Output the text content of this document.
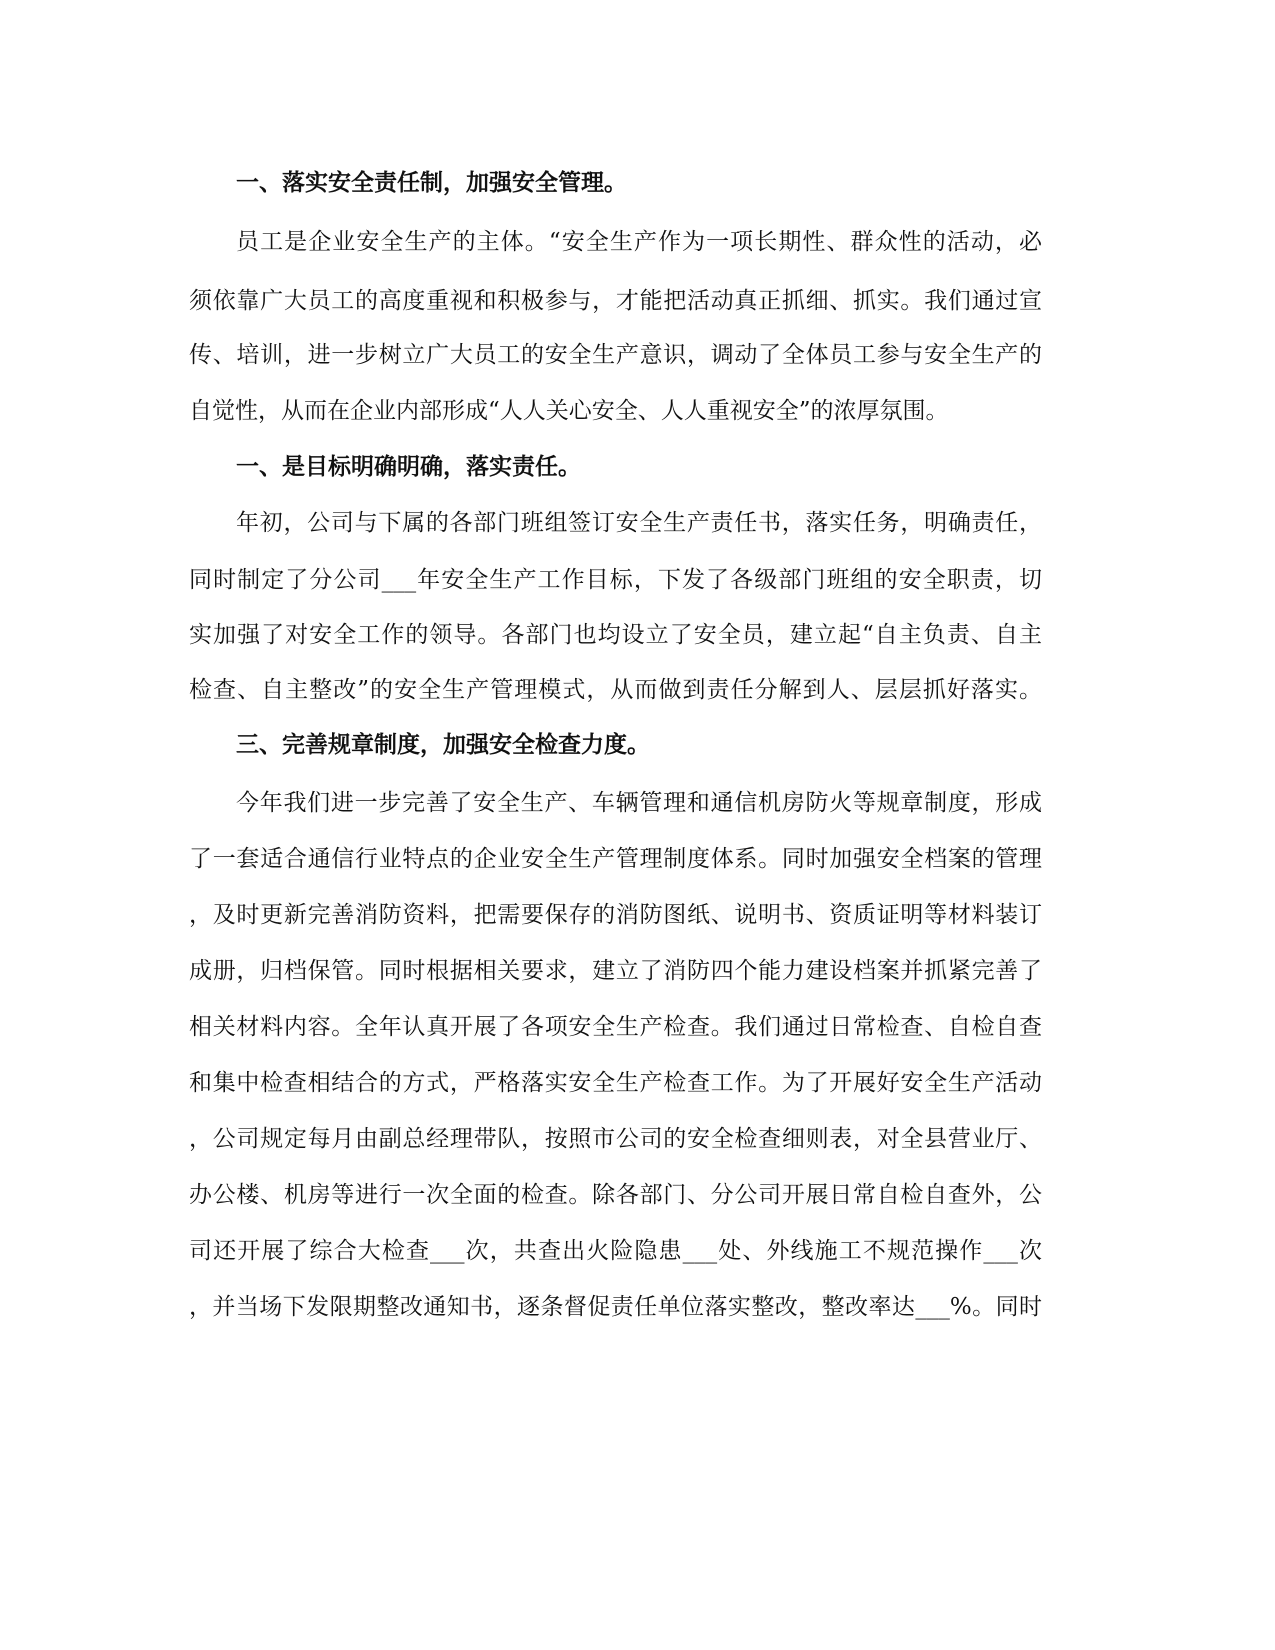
一、落实安全责任制，加强安全管理。
员工是企业安全生产的主体。“安全生产作为一项长期性、群众性的活动，必
须依靠广大员工的高度重视和积极参与，才能把活动真正抓细、抓实。我们通过宣
传、培训，进一步树立广大员工的安全生产意识，调动了全体员工参与安全生产的
自觉性，从而在企业内部形成“人人关心安全、人人重视安全”的浓厚氛围。
一、是目标明确明确，落实责任。
年初，公司与下属的各部门班组签订安全生产责任书，落实任务，明确责任，
同时制定了分公司___年安全生产工作目标，下发了各级部门班组的安全职责，切
实加强了对安全工作的领导。各部门也均设立了安全员，建立起“自主负责、自主
检查、自主整改”的安全生产管理模式，从而做到责任分解到人、层层抓好落实。
三、完善规章制度，加强安全检查力度。
今年我们进一步完善了安全生产、车辆管理和通信机房防火等规章制度，形成
了一套适合通信行业特点的企业安全生产管理制度体系。同时加强安全档案的管理
，及时更新完善消防资料，把需要保存的消防图纸、说明书、资质证明等材料装订
成册，归档保管。同时根据相关要求，建立了消防四个能力建设档案并抓紧完善了
相关材料内容。全年认真开展了各项安全生产检查。我们通过日常检查、自检自查
和集中检查相结合的方式，严格落实安全生产检查工作。为了开展好安全生产活动
，公司规定每月由副总经理带队，按照市公司的安全检查细则表，对全县营业厅、
办公楼、机房等进行一次全面的检查。除各部门、分公司开展日常自检自查外，公
司还开展了综合大检查___次，共查出火险隐患___处、外线施工不规范操作___次
，并当场下发限期整改通知书，逐条督促责任单位落实整改，整改率达___%。同时
